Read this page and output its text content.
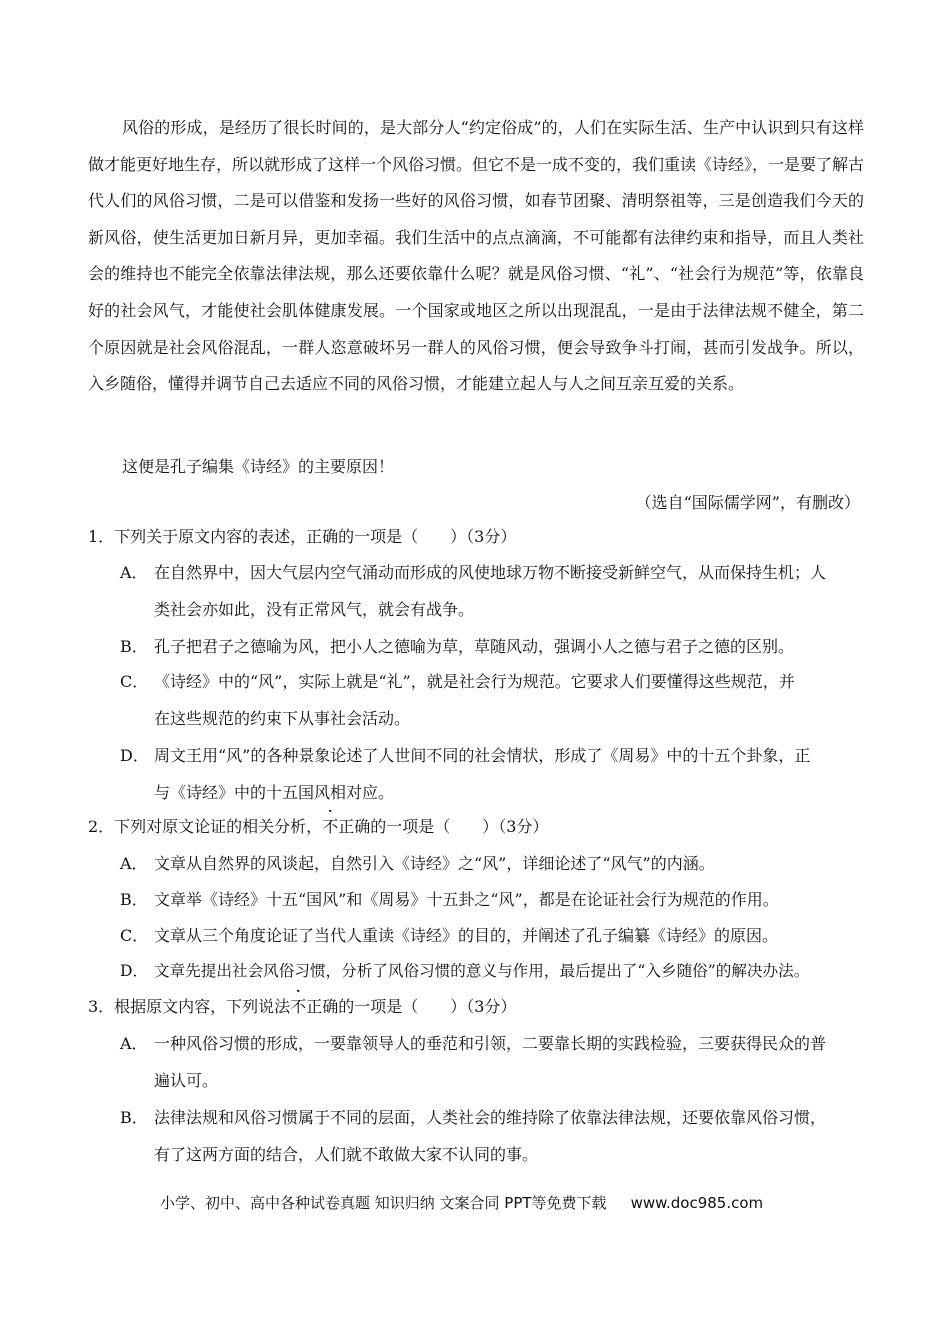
风俗的形成，是经历了很长时间的，是大部分人“约定俗成”的，人们在实际生活、生产中认识到只有这样做才能更好地生存，所以就形成了这样一个风俗习惯。但它不是一成不变的，我们重读《诗经》，一是要了解古代人们的风俗习惯，二是可以借鉴和发扬一些好的风俗习惯，如春节团聚、清明祭祖等，三是创造我们今天的新风俗，使生活更加日新月异，更加幸福。我们生活中的点点滴滴，不可能都有法律约束和指导，而且人类社会的维持也不能完全依靠法律法规，那么还要依靠什么呢？就是风俗习惯、“礼”、“社会行为规范”等，依靠良好的社会风气，才能使社会肌体健康发展。一个国家或地区之所以出现混乱，一是由于法律法规不健全，第二个原因就是社会风俗混乱，一群人恣意破坏另一群人的风俗习惯，便会导致争斗打闹，甚而引发战争。所以，入乡随俗，懂得并调节自己去适应不同的风俗习惯，才能建立起人与人之间互亲互爱的关系。

这便是孔子编集《诗经》的主要原因！
（选自“国际儒学网”，有删改）
1．下列关于原文内容的表述，正确的一项是（　　）（3分）
A． 在自然界中，因大气层内空气涌动而形成的风使地球万物不断接受新鲜空气，从而保持生机；人
类社会亦如此，没有正常风气，就会有战争。
B． 孔子把君子之德喻为风，把小人之德喻为草，草随风动，强调小人之德与君子之德的区别。
C． 《诗经》中的“风”，实际上就是“礼”，就是社会行为规范。它要求人们要懂得这些规范，并
在这些规范的约束下从事社会活动。
D． 周文王用“风”的各种景象论述了人世间不同的社会情状，形成了《周易》中的十五个卦象，正
与《诗经》中的十五国风相对应。
2．下列对原文论证的相关分析，不正确的一项是（　　）（3分）
A． 文章从自然界的风谈起，自然引入《诗经》之“风”，详细论述了“风气”的内涵。
B． 文章举《诗经》十五“国风”和《周易》十五卦之“风”，都是在论证社会行为规范的作用。
C． 文章从三个角度论证了当代人重读《诗经》的目的，并阐述了孔子编纂《诗经》的原因。
D． 文章先提出社会风俗习惯，分析了风俗习惯的意义与作用，最后提出了“入乡随俗”的解决办法。
3．根据原文内容，下列说法不正确的一项是（　　）（3分）
A． 一种风俗习惯的形成，一要靠领导人的垂范和引领，二要靠长期的实践检验，三要获得民众的普
遍认可。
B． 法律法规和风俗习惯属于不同的层面，人类社会的维持除了依靠法律法规，还要依靠风俗习惯，
有了这两方面的结合，人们就不敢做大家不认同的事。
小学、初中、高中各种试卷真题 知识归纳 文案合同 PPT等免费下载 www.doc985.com
